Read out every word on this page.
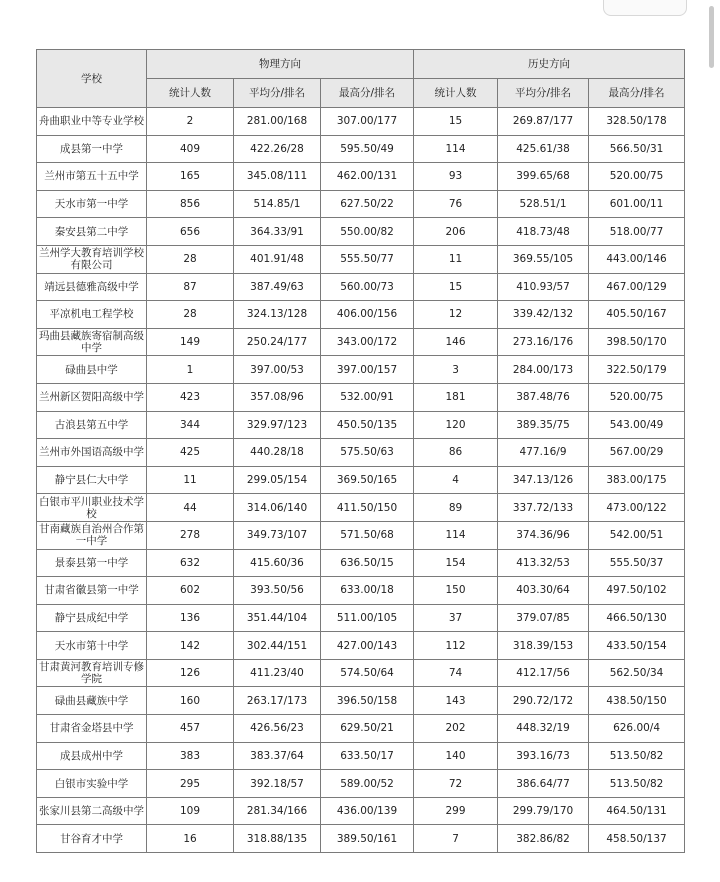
学校	物理方向			历史方向		
	统计人数	平均分/排名	最高分/排名	统计人数	平均分/排名	最高分/排名
舟曲职业中等专业学校	2	281.00/168	307.00/177	15	269.87/177	328.50/178
成县第一中学	409	422.26/28	595.50/49	114	425.61/38	566.50/31
兰州市第五十五中学	165	345.08/111	462.00/131	93	399.65/68	520.00/75
天水市第一中学	856	514.85/1	627.50/22	76	528.51/1	601.00/11
秦安县第二中学	656	364.33/91	550.00/82	206	418.73/48	518.00/77
兰州学大教育培训学校有限公司	28	401.91/48	555.50/77	11	369.55/105	443.00/146
靖远县德雅高级中学	87	387.49/63	560.00/73	15	410.93/57	467.00/129
平凉机电工程学校	28	324.13/128	406.00/156	12	339.42/132	405.50/167
玛曲县藏族寄宿制高级中学	149	250.24/177	343.00/172	146	273.16/176	398.50/170
碌曲县中学	1	397.00/53	397.00/157	3	284.00/173	322.50/179
兰州新区贺阳高级中学	423	357.08/96	532.00/91	181	387.48/76	520.00/75
古浪县第五中学	344	329.97/123	450.50/135	120	389.35/75	543.00/49
兰州市外国语高级中学	425	440.28/18	575.50/63	86	477.16/9	567.00/29
静宁县仁大中学	11	299.05/154	369.50/165	4	347.13/126	383.00/175
白银市平川职业技术学校	44	314.06/140	411.50/150	89	337.72/133	473.00/122
甘南藏族自治州合作第一中学	278	349.73/107	571.50/68	114	374.36/96	542.00/51
景泰县第一中学	632	415.60/36	636.50/15	154	413.32/53	555.50/37
甘肃省徽县第一中学	602	393.50/56	633.00/18	150	403.30/64	497.50/102
静宁县成纪中学	136	351.44/104	511.00/105	37	379.07/85	466.50/130
天水市第十中学	142	302.44/151	427.00/143	112	318.39/153	433.50/154
甘肃黄河教育培训专修学院	126	411.23/40	574.50/64	74	412.17/56	562.50/34
碌曲县藏族中学	160	263.17/173	396.50/158	143	290.72/172	438.50/150
甘肃省金塔县中学	457	426.56/23	629.50/21	202	448.32/19	626.00/4
成县成州中学	383	383.37/64	633.50/17	140	393.16/73	513.50/82
白银市实验中学	295	392.18/57	589.00/52	72	386.64/77	513.50/82
张家川县第二高级中学	109	281.34/166	436.00/139	299	299.79/170	464.50/131
甘谷育才中学	16	318.88/135	389.50/161	7	382.86/82	458.50/137
